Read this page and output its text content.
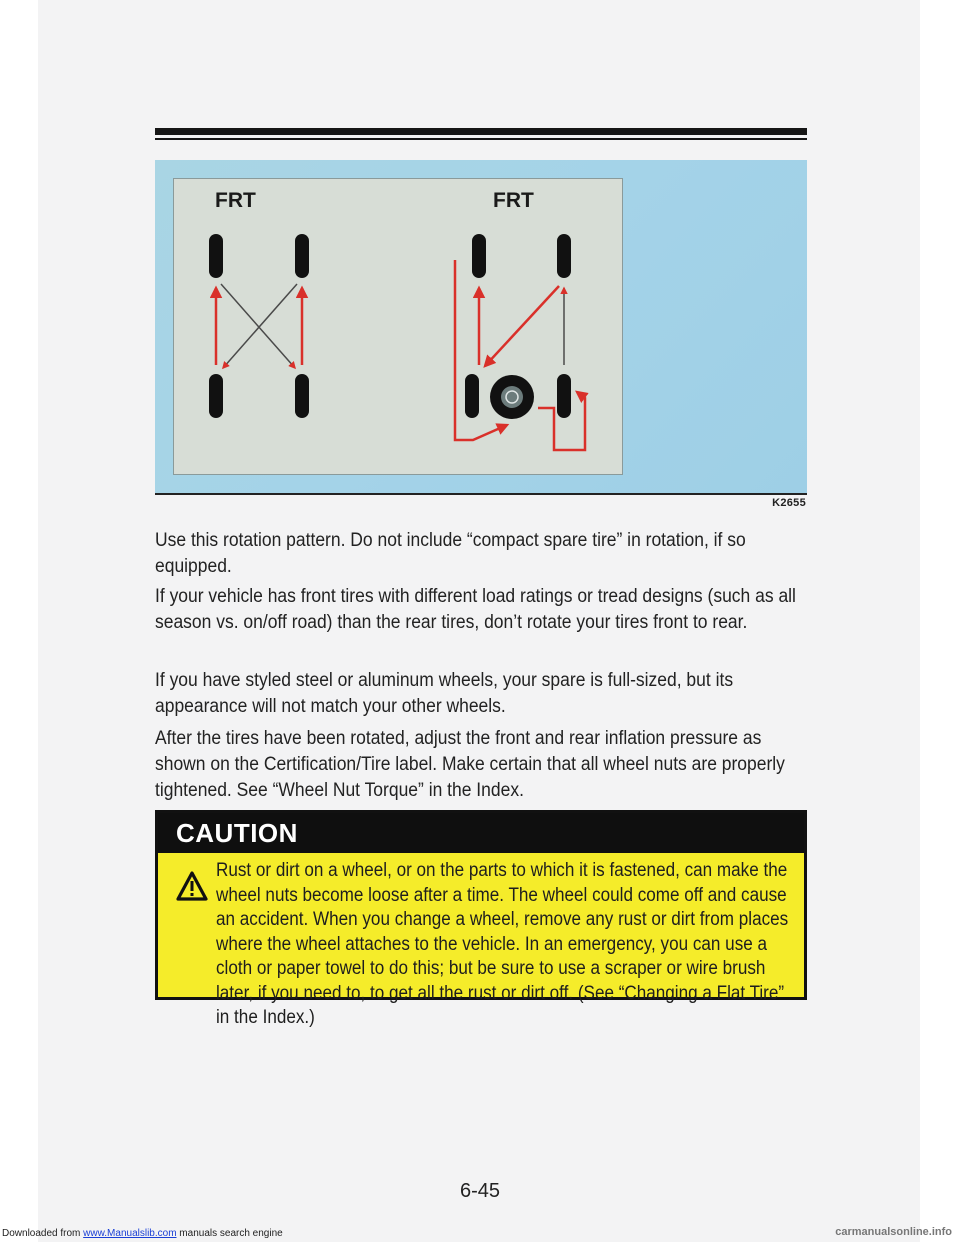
FRT	FRT
K2655
Use this rotation pattern. Do not include “compact spare tire” in rotation, if so equipped.
If your vehicle has front tires with different load ratings or tread designs (such as all season vs. on/off road) than the rear tires, don’t rotate your tires front to rear.
If you have styled steel or aluminum wheels, your spare is full-sized, but its appearance will not match your other wheels.
After the tires have been rotated, adjust the front and rear inflation pressure as shown on the Certification/Tire label. Make certain that all wheel nuts are properly tightened. See “Wheel Nut Torque” in the Index.
CAUTION
Rust or dirt on a wheel, or on the parts to which it is fastened, can make the wheel nuts become loose after a time. The wheel could come off and cause an accident. When you change a wheel, remove any rust or dirt from places where the wheel attaches to the vehicle. In an emergency, you can use a cloth or paper towel to do this; but be sure to use a scraper or wire brush later, if you need to, to get all the rust or dirt off. (See “Changing a Flat Tire” in the Index.)
6-45
Downloaded from www.Manualslib.com manuals search engine	carmanualsonline.info
